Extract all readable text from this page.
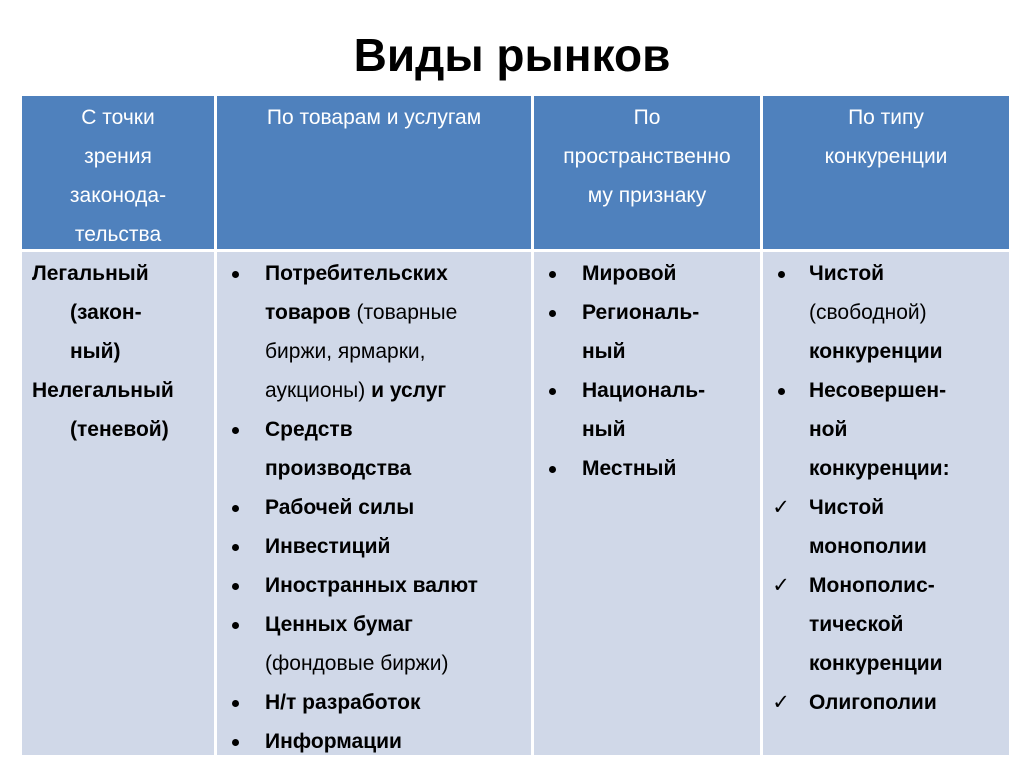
Виды рынков
С точки
зрения
законода-
тельства
По товарам и услугам	По
пространственно
му признаку
По типу
конкуренции
Легальный
(закон-
ный)
Нелегальный
(теневой)
Потребительских товаров (товарные биржи, ярмарки, аукционы) и услуг
Средств производства
Рабочей силы
Инвестиций
Иностранных валют
Ценных бумаг
(фондовые биржи)
Н/т разработок
Информации
Мировой
Региональ-
ный
Националь-
ный
Местный
Чистой
(свободной)
конкуренции
Несовершен-
ной
конкуренции:
✓ Чистой
монополии
✓ Монополис-
тической
конкуренции
✓ Олигополии
